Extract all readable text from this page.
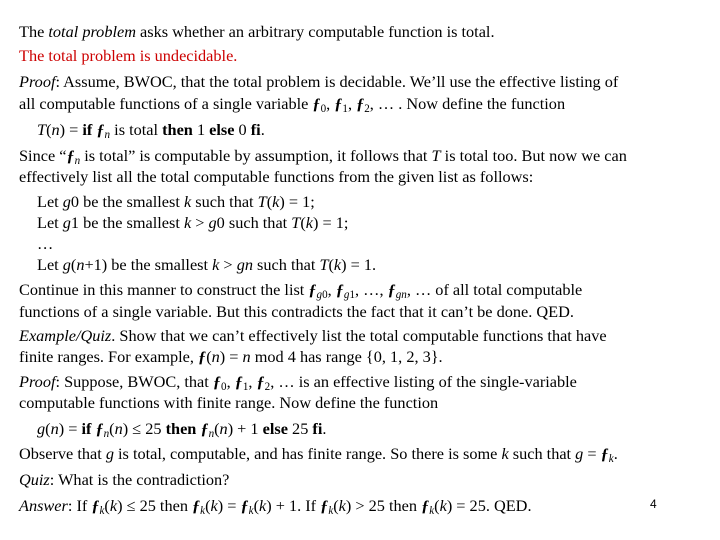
The total problem asks whether an arbitrary computable function is total.
The total problem is undecidable.
Proof: Assume, BWOC, that the total problem is decidable. We’ll use the effective listing of
all computable functions of a single variable $ƒ_0$, $ƒ_1$, $ƒ_2$, … . Now define the function
T(n) = if $ƒ_n$ is total then 1 else 0 fi.
Since “$ƒ_n$ is total” is computable by assumption, it follows that T is total too. But now we can
effectively list all the total computable functions from the given list as follows:
Let g0 be the smallest k such that T(k) = 1;
Let g1 be the smallest k > g0 such that T(k) = 1;
…
Let g(n+1) be the smallest k > gn such that T(k) = 1.
Continue in this manner to construct the list $ƒ_{g0}$, $ƒ_{g1}$, …, $ƒ_{gn}$, … of all total computable
functions of a single variable. But this contradicts the fact that it can’t be done. QED.
Example/Quiz. Show that we can’t effectively list the total computable functions that have
finite ranges. For example, ƒ(n) = n mod 4 has range {0, 1, 2, 3}.
Proof: Suppose, BWOC, that $ƒ_0$, $ƒ_1$, $ƒ_2$, … is an effective listing of the single-variable
computable functions with finite range. Now define the function
g(n) = if $ƒ_n(n) \le 25$ then $ƒ_n(n) + 1$ else 25 fi.
Observe that g is total, computable, and has finite range. So there is some k such that $g = ƒ_k$.
Quiz: What is the contradiction?
Answer: If $ƒ_k(k) \le 25$ then $ƒ_k(k)$ = $ƒ_k(k) + 1$. If $ƒ_k(k) > 25$ then $ƒ_k(k) = 25$. QED.	4
